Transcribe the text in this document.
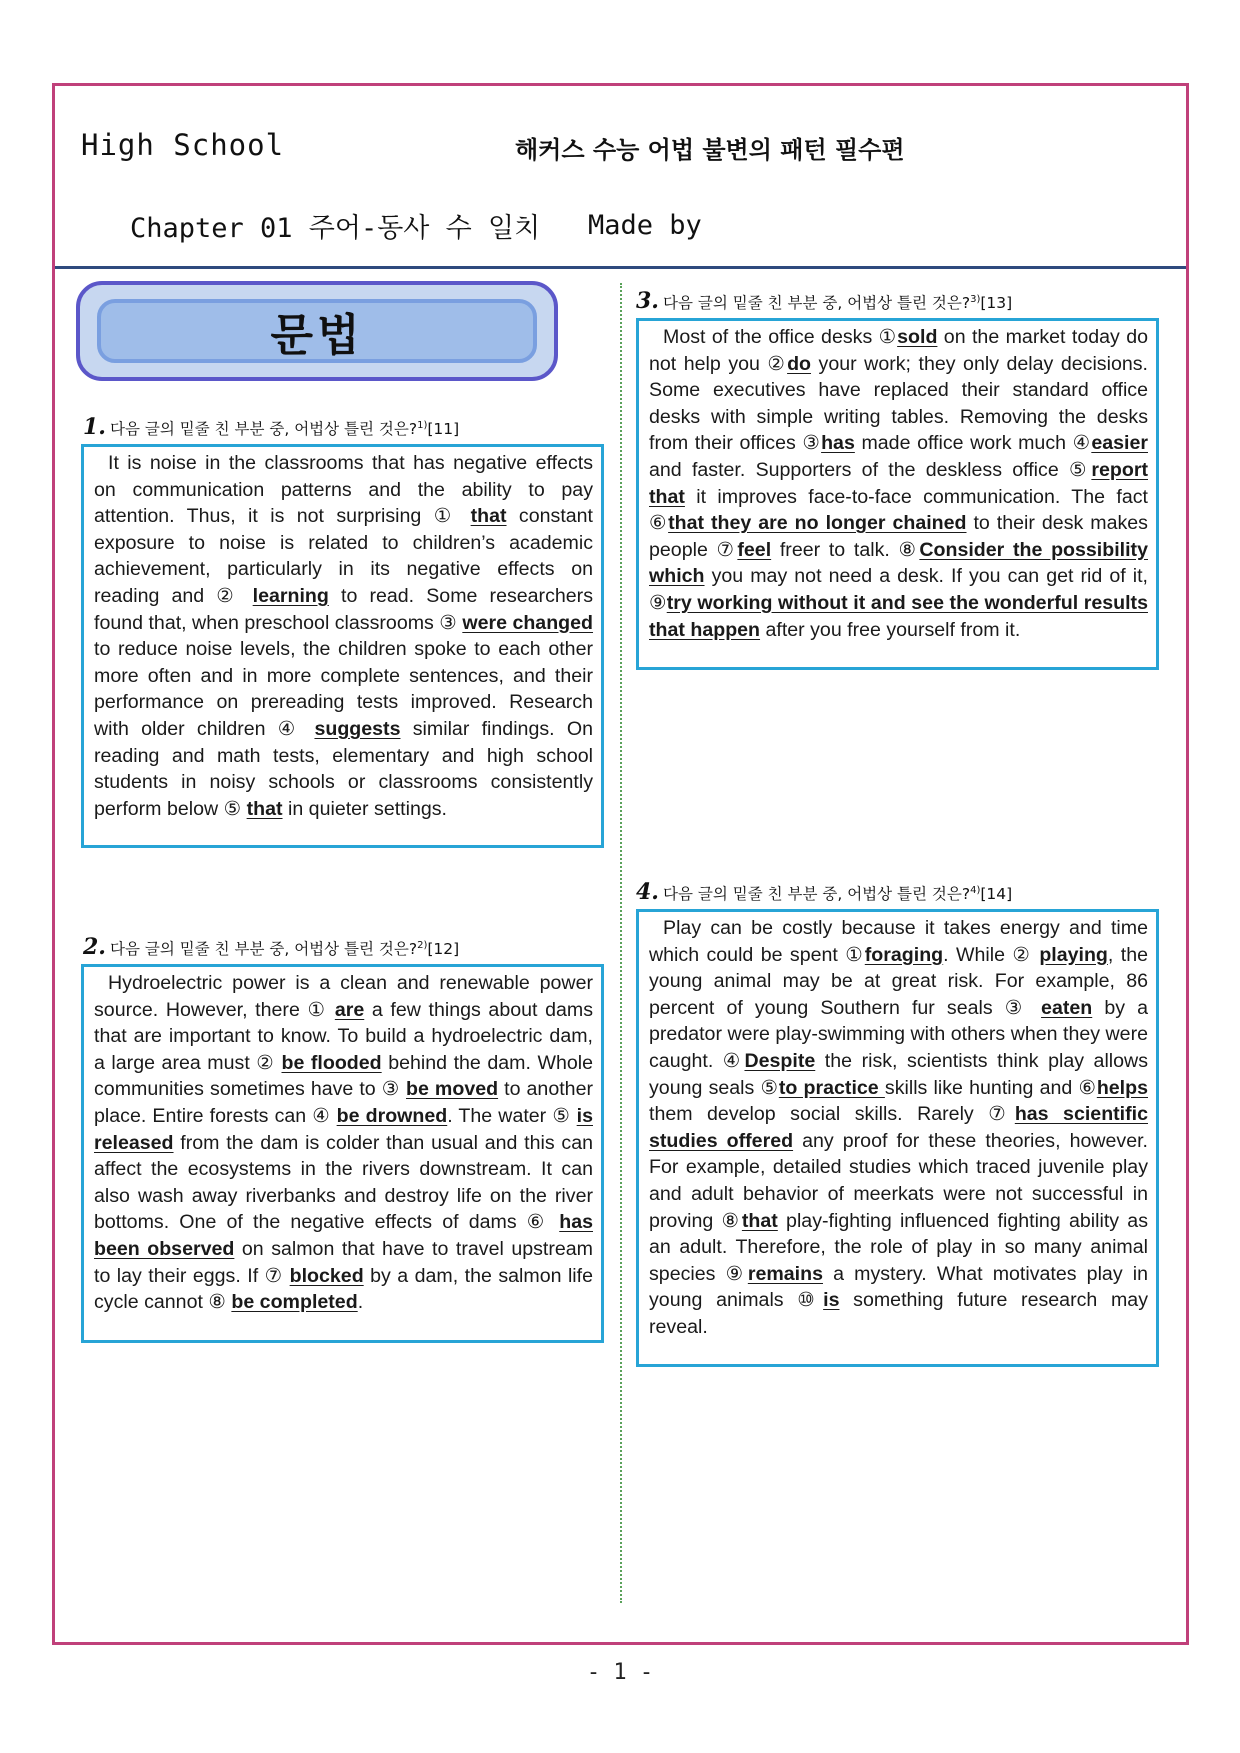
High School	해커스 수능 어법 불변의 패턴 필수편
Chapter 01 주어-동사 수 일치 Made by
문법
1. 다음 글의 밑줄 친 부분 중, 어법상 틀린 것은?$^{1)}$[11]

It is noise in the classrooms that has negative effects on communication patterns and the ability to pay attention. Thus, it is not surprising ① that constant exposure to noise is related to children’s academic achievement, particularly in its negative effects on reading and ② learning to read. Some researchers found that, when preschool classrooms ③ were changed to reduce noise levels, the children spoke to each other more often and in more complete sentences, and their performance on prereading tests improved. Research with older children ④ suggests similar findings. On reading and math tests, elementary and high school students in noisy schools or classrooms consistently perform below ⑤ that in quieter settings.

2. 다음 글의 밑줄 친 부분 중, 어법상 틀린 것은?$^{2)}$[12]

Hydroelectric power is a clean and renewable power source. However, there ① are a few things about dams that are important to know. To build a hydroelectric dam, a large area must ② be flooded behind the dam. Whole communities sometimes have to ③ be moved to another place. Entire forests can ④ be drowned. The water ⑤ is released from the dam is colder than usual and this can affect the ecosystems in the rivers downstream. It can also wash away riverbanks and destroy life on the river bottoms. One of the negative effects of dams ⑥ has been observed on salmon that have to travel upstream to lay their eggs. If ⑦ blocked by a dam, the salmon life cycle cannot ⑧ be completed.

3. 다음 글의 밑줄 친 부분 중, 어법상 틀린 것은?$^{3)}$[13]

Most of the office desks ①sold on the market today do not help you ②do your work; they only delay decisions. Some executives have replaced their standard office desks with simple writing tables. Removing the desks from their offices ③has made office work much ④easier and faster. Supporters of the deskless office ⑤report that it improves face-to-face communication. The fact ⑥that they are no longer chained to their desk makes people ⑦feel freer to talk. ⑧Consider the possibility which you may not need a desk. If you can get rid of it, ⑨try working without it and see the wonderful results that happen after you free yourself from it.

4. 다음 글의 밑줄 친 부분 중, 어법상 틀린 것은?$^{4)}$[14]

Play can be costly because it takes energy and time which could be spent ①foraging. While ② playing, the young animal may be at great risk. For example, 86 percent of young Southern fur seals ③ eaten by a predator were play-swimming with others when they were caught. ④Despite the risk, scientists think play allows young seals ⑤to practice skills like hunting and ⑥helps them develop social skills. Rarely ⑦has scientific studies offered any proof for these theories, however. For example, detailed studies which traced juvenile play and adult behavior of meerkats were not successful in proving ⑧that play-fighting influenced fighting ability as an adult. Therefore, the role of play in so many animal species ⑨remains a mystery. What motivates play in young animals ⑩is something future research may reveal.

- 1 -
